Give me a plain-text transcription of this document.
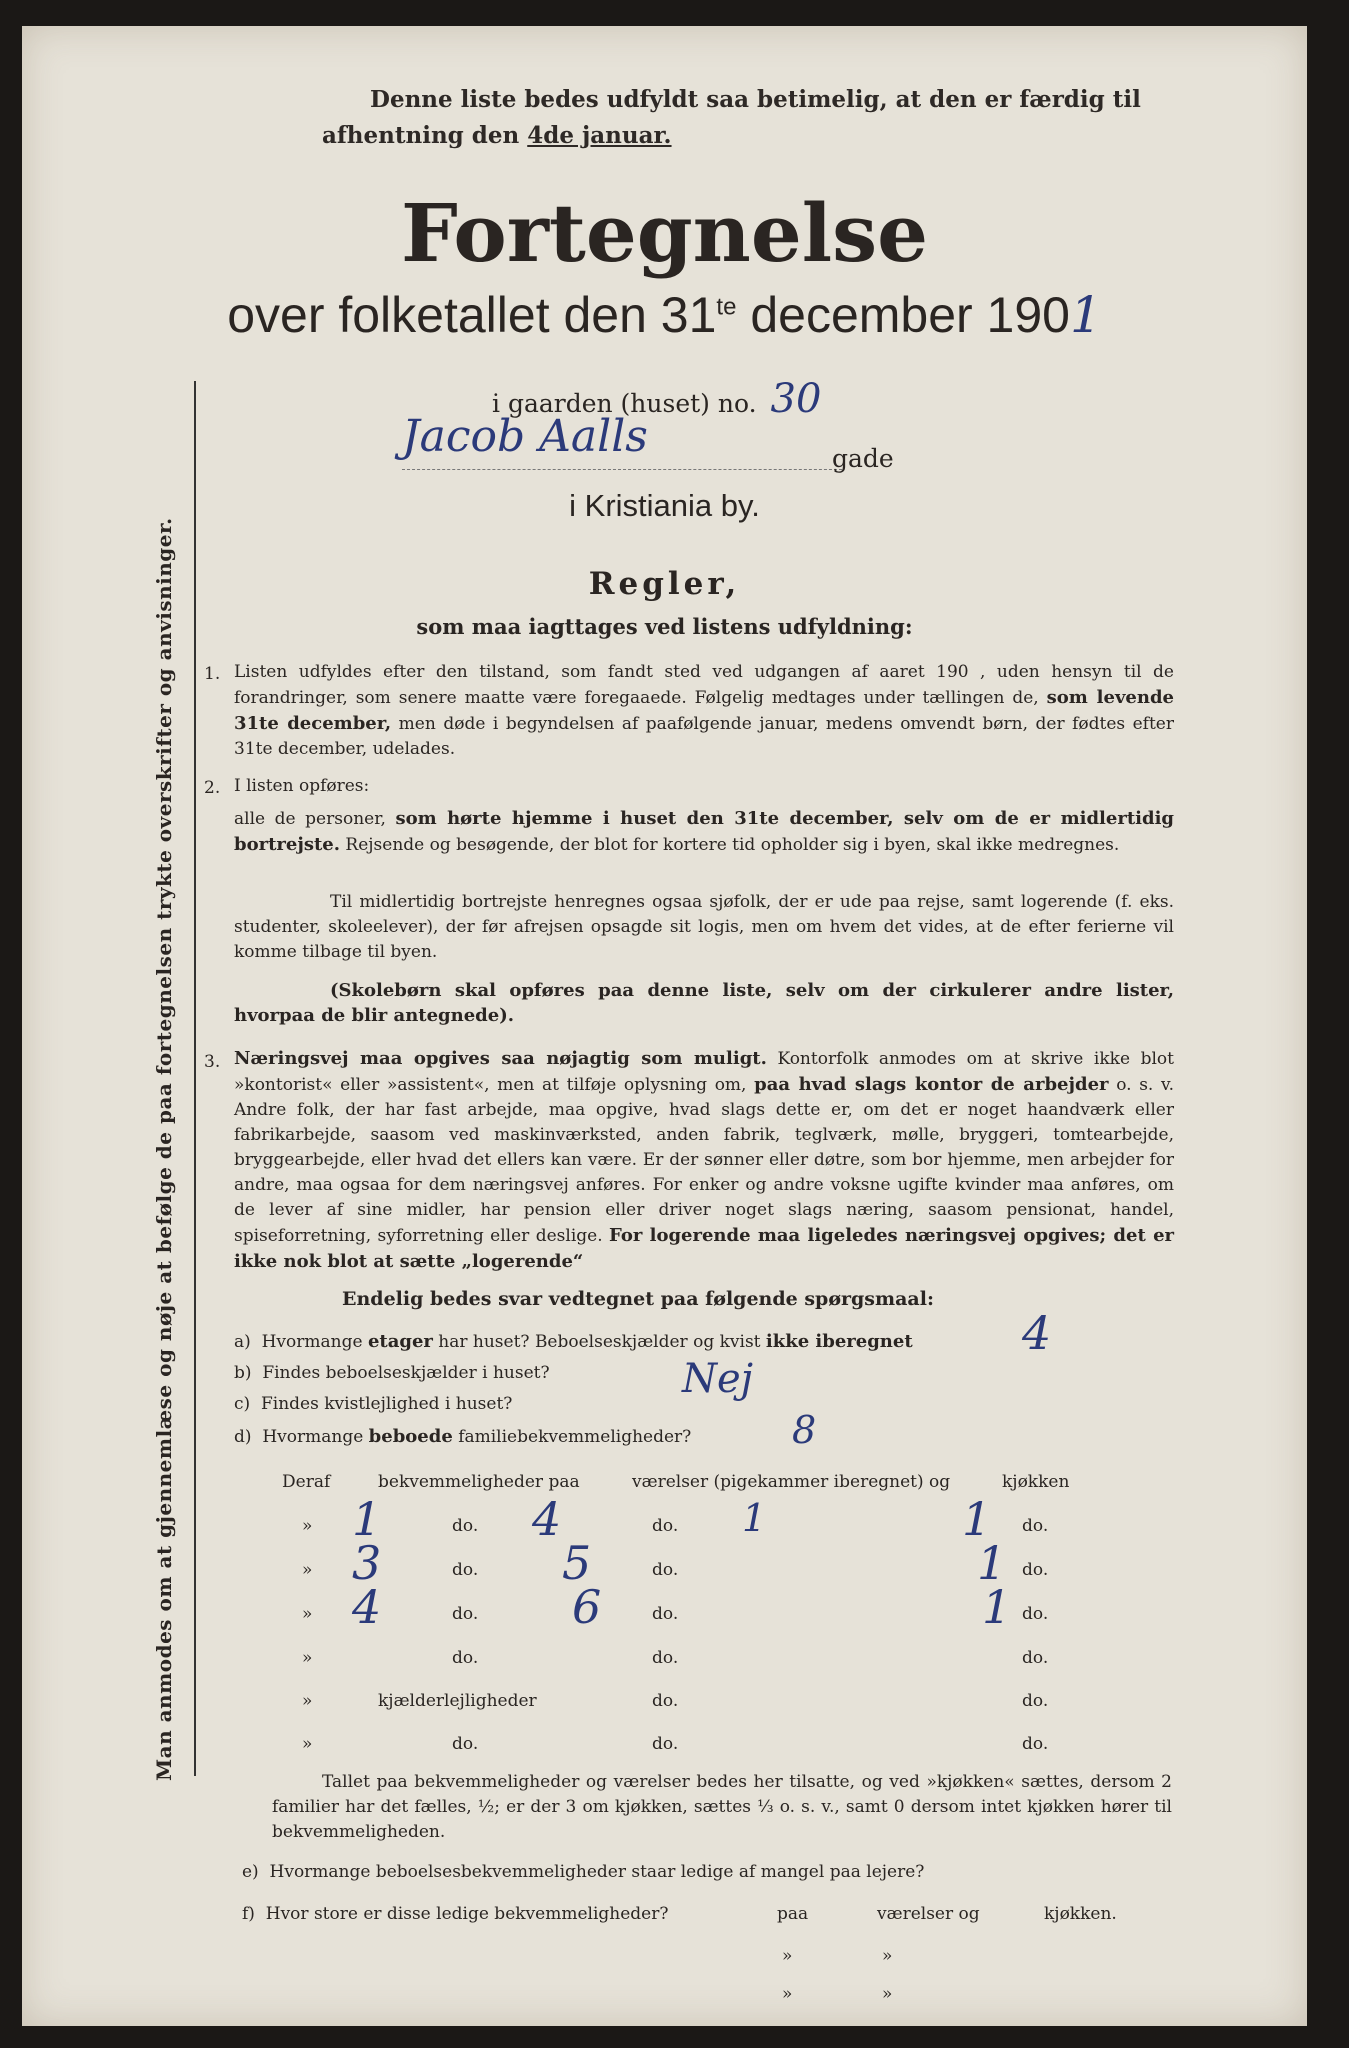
Denne liste bedes udfyldt saa betimelig, at den er færdig til
afhentning den 4de januar.
Fortegnelse
over folketallet den $31^{te}$ december 1901
i gaarden (huset) no. 30
Jacob Aalls	gade
i Kristiania by.
Regler,
som maa iagttages ved listens udfyldning:
1. Listen udfyldes efter den tilstand, som fandt sted ved udgangen af aaret 190 , uden hensyn til de forandringer, som senere maatte være foregaaede. Følgelig medtages under tællingen de, som levende 31te december, men døde i begyndelsen af paafølgende januar, medens omvendt børn, der fødtes efter 31te december, udelades.
2. I listen opføres:
alle de personer, som hørte hjemme i huset den 31te december, selv om de er midlertidig bortrejste. Rejsende og besøgende, der blot for kortere tid opholder sig i byen, skal ikke medregnes.
Til midlertidig bortrejste henregnes ogsaa sjøfolk, der er ude paa rejse, samt logerende (f. eks. studenter, skoleelever), der før afrejsen opsagde sit logis, men om hvem det vides, at de efter ferierne vil komme tilbage til byen.
(Skolebørn skal opføres paa denne liste, selv om der cirkulerer andre lister, hvorpaa de blir antegnede).
3. Næringsvej maa opgives saa nøjagtig som muligt. Kontorfolk anmodes om at skrive ikke blot »kontorist« eller »assistent«, men at tilføje oplysning om, paa hvad slags kontor de arbejder o. s. v. Andre folk, der har fast arbejde, maa opgive, hvad slags dette er, om det er noget haandværk eller fabrikarbejde, saasom ved maskinværksted, anden fabrik, teglværk, mølle, bryggeri, tomtearbejde, bryggearbejde, eller hvad det ellers kan være. Er der sønner eller døtre, som bor hjemme, men arbejder for andre, maa ogsaa for dem næringsvej anføres. For enker og andre voksne ugifte kvinder maa anføres, om de lever af sine midler, har pension eller driver noget slags næring, saasom pensionat, handel, spiseforretning, syforretning eller deslige. For logerende maa ligeledes næringsvej opgives; det er ikke nok blot at sætte „logerende“
Endelig bedes svar vedtegnet paa følgende spørgsmaal:
a) Hvormange etager har huset? Beboelseskjælder og kvist ikke iberegnet 4
b) Findes beboelseskjælder i huset?
c) Findes kvistlejlighed i huset?
Nej
d) Hvormange beboede familiebekvemmeligheder?	8
Deraf	bekvemmeligheder paa	værelser (pigekammer iberegnet) og	kjøkken
» 1	do. 4	do. 1	1 do.
» 3	do. 5	do.	1 do.
» 4	do. 6	do.	1 do.
»	do.	do.	do.
»	kjælderlejligheder	do.	do.
»	do.	do.	do.
Tallet paa bekvemmeligheder og værelser bedes her tilsatte, og ved »kjøkken« sættes, dersom 2 familier har det fælles, ½; er der 3 om kjøkken, sættes ⅓ o. s. v., samt 0 dersom intet kjøkken hører til bekvemmeligheden.
e) Hvormange beboelsesbekvemmeligheder staar ledige af mangel paa lejere?
f) Hvor store er disse ledige bekvemmeligheder?	paa	værelser og	kjøkken.
»	»
»	»
Man anmodes om at gjennemlæse og nøje at befølge de paa fortegnelsen trykte overskrifter og anvisninger.
